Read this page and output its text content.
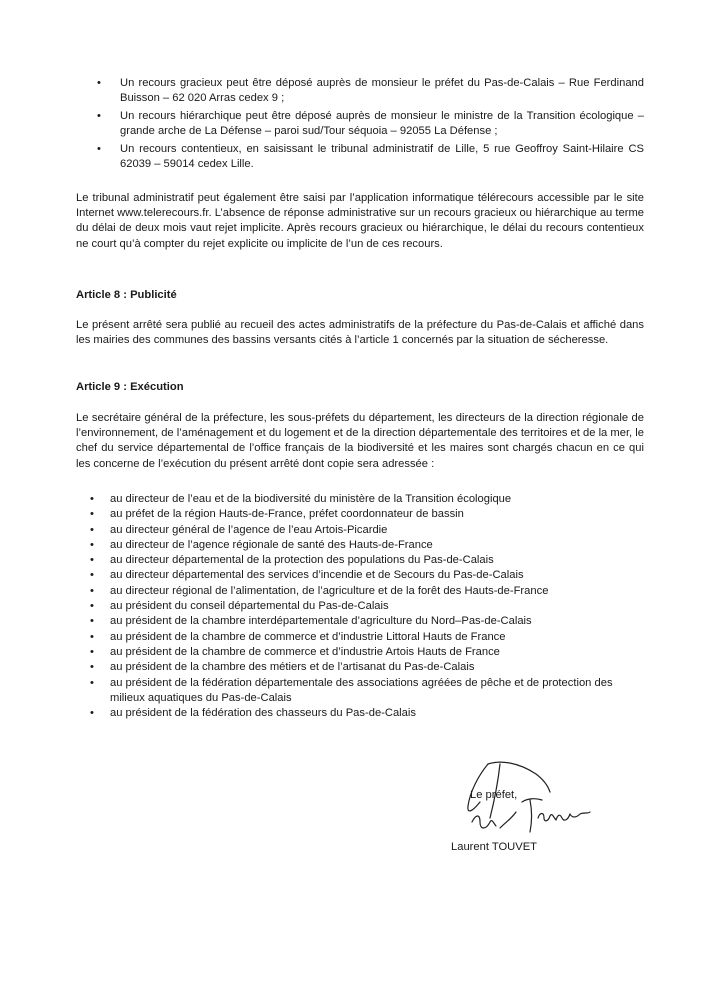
• Un recours gracieux peut être déposé auprès de monsieur le préfet du Pas-de-Calais – Rue Ferdinand Buisson – 62 020 Arras cedex 9 ;
• Un recours hiérarchique peut être déposé auprès de monsieur le ministre de la Transition écologique – grande arche de La Défense – paroi sud/Tour séquoia – 92055 La Défense ;
• Un recours contentieux, en saisissant le tribunal administratif de Lille, 5 rue Geoffroy Saint-Hilaire CS 62039 – 59014 cedex Lille.

Le tribunal administratif peut également être saisi par l’application informatique télérecours accessible par le site Internet www.telerecours.fr. L’absence de réponse administrative sur un recours gracieux ou hiérarchique au terme du délai de deux mois vaut rejet implicite. Après recours gracieux ou hiérarchique, le délai du recours contentieux ne court qu’à compter du rejet explicite ou implicite de l’un de ces recours.

Article 8 : Publicité

Le présent arrêté sera publié au recueil des actes administratifs de la préfecture du Pas-de-Calais et affiché dans les mairies des communes des bassins versants cités à l’article 1 concernés par la situation de sécheresse.

Article 9 : Exécution

Le secrétaire général de la préfecture, les sous-préfets du département, les directeurs de la direction régionale de l’environnement, de l’aménagement et du logement et de la direction départementale des territoires et de la mer, le chef du service départemental de l’office français de la biodiversité et les maires sont chargés chacun en ce qui les concerne de l’exécution du présent arrêté dont copie sera adressée :

• au directeur de l’eau et de la biodiversité du ministère de la Transition écologique
• au préfet de la région Hauts-de-France, préfet coordonnateur de bassin
• au directeur général de l’agence de l’eau Artois-Picardie
• au directeur de l’agence régionale de santé des Hauts-de-France
• au directeur départemental de la protection des populations du Pas-de-Calais
• au directeur départemental des services d’incendie et de Secours du Pas-de-Calais
• au directeur régional de l’alimentation, de l’agriculture et de la forêt des Hauts-de-France
• au président du conseil départemental du Pas-de-Calais
• au président de la chambre interdépartementale d’agriculture du Nord–Pas-de-Calais
• au président de la chambre de commerce et d’industrie Littoral Hauts de France
• au président de la chambre de commerce et d’industrie Artois Hauts de France
• au président de la chambre des métiers et de l’artisanat du Pas-de-Calais
• au président de la fédération départementale des associations agréées de pêche et de protection des milieux aquatiques du Pas-de-Calais
• au président de la fédération des chasseurs du Pas-de-Calais
Le préfet,
Laurent TOUVET
